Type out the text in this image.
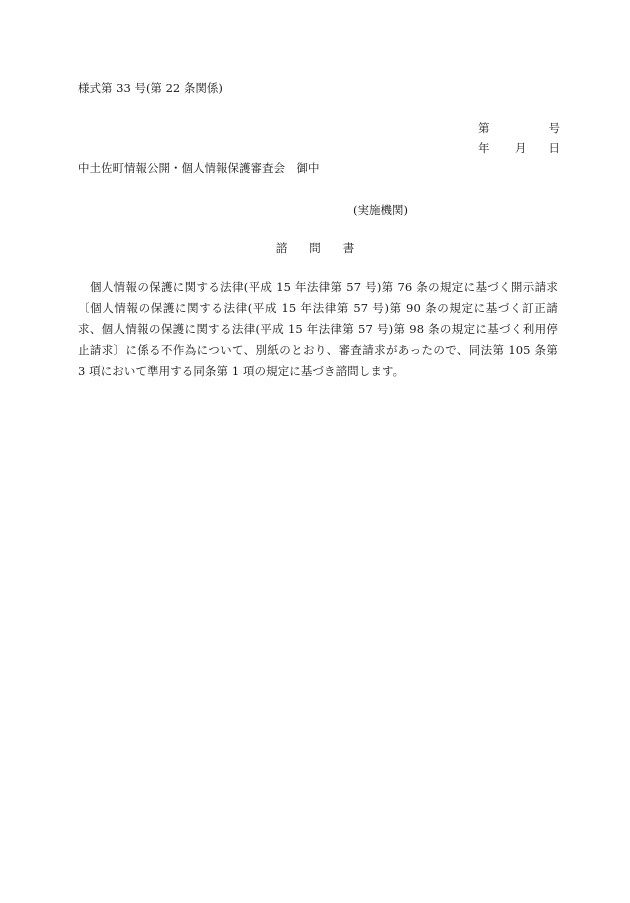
様式第 33 号(第 22 条関係)
第	号
年 月 日
中土佐町情報公開・個人情報保護審査会　御中
(実施機関)
諮 問 書
個人情報の保護に関する法律(平成 15 年法律第 57 号)第 76 条の規定に基づく開示請求〔個人情報の保護に関する法律(平成 15 年法律第 57 号)第 90 条の規定に基づく訂正請求、個人情報の保護に関する法律(平成 15 年法律第 57 号)第 98 条の規定に基づく利用停止請求〕に係る不作為について、別紙のとおり、審査請求があったので、同法第 105 条第 3 項において準用する同条第 1 項の規定に基づき諮問します。
